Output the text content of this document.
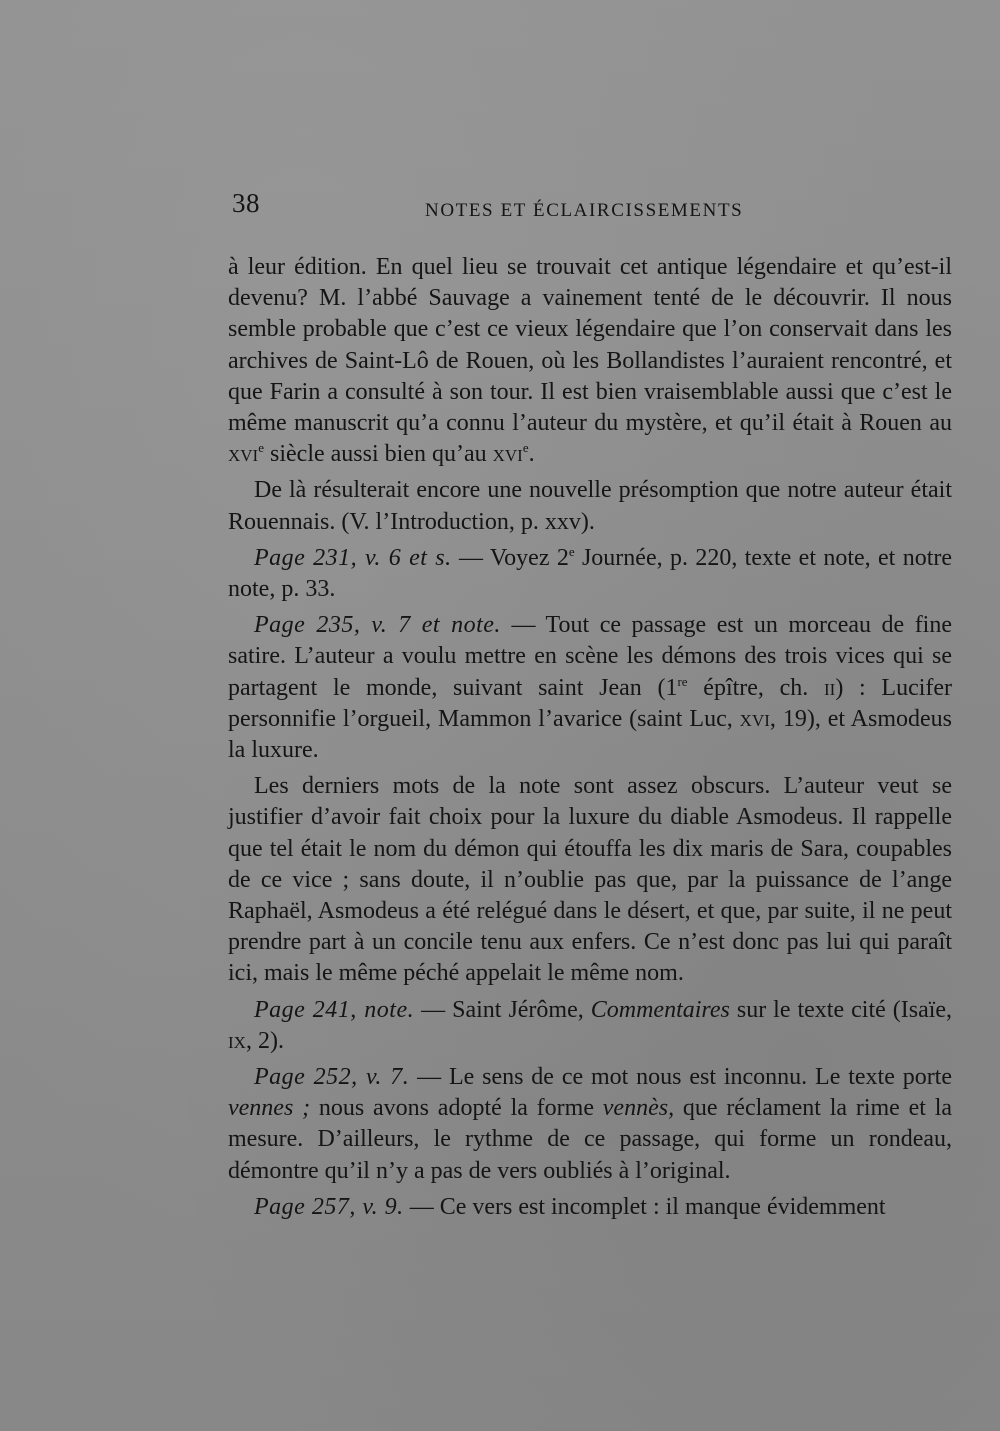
38	NOTES ET ÉCLAIRCISSEMENTS

à leur édition. En quel lieu se trouvait cet antique légendaire et qu’est-il devenu? M. l’abbé Sauvage a vainement tenté de le découvrir. Il nous semble probable que c’est ce vieux légendaire que l’on conservait dans les archives de Saint-Lô de Rouen, où les Bollandistes l’auraient rencontré, et que Farin a consulté à son tour. Il est bien vraisemblable aussi que c’est le même manuscrit qu’a connu l’auteur du mystère, et qu’il était à Rouen au xvi$^e$ siècle aussi bien qu’au xvi$^e$.

De là résulterait encore une nouvelle présomption que notre auteur était Rouennais. (V. l’Introduction, p. xxv).

Page 231, v. 6 et s. — Voyez 2e Journée, p. 220, texte et note, et notre note, p. 33.

Page 235, v. 7 et note. — Tout ce passage est un morceau de fine satire. L’auteur a voulu mettre en scène les démons des trois vices qui se partagent le monde, suivant saint Jean (1re épître, ch. ii) : Lucifer personnifie l’orgueil, Mammon l’avarice (saint Luc, xvi, 19), et Asmodeus la luxure.

Les derniers mots de la note sont assez obscurs. L’auteur veut se justifier d’avoir fait choix pour la luxure du diable Asmodeus. Il rappelle que tel était le nom du démon qui étouffa les dix maris de Sara, coupables de ce vice ; sans doute, il n’oublie pas que, par la puissance de l’ange Raphaël, Asmodeus a été relégué dans le désert, et que, par suite, il ne peut prendre part à un concile tenu aux enfers. Ce n’est donc pas lui qui paraît ici, mais le même péché appelait le même nom.

Page 241, note. — Saint Jérôme, Commentaires sur le texte cité (Isaïe, ix, 2).

Page 252, v. 7. — Le sens de ce mot nous est inconnu. Le texte porte vennes ; nous avons adopté la forme vennès, que réclament la rime et la mesure. D’ailleurs, le rythme de ce passage, qui forme un rondeau, démontre qu’il n’y a pas de vers oubliés à l’original.

Page 257, v. 9. — Ce vers est incomplet : il manque évidemment
